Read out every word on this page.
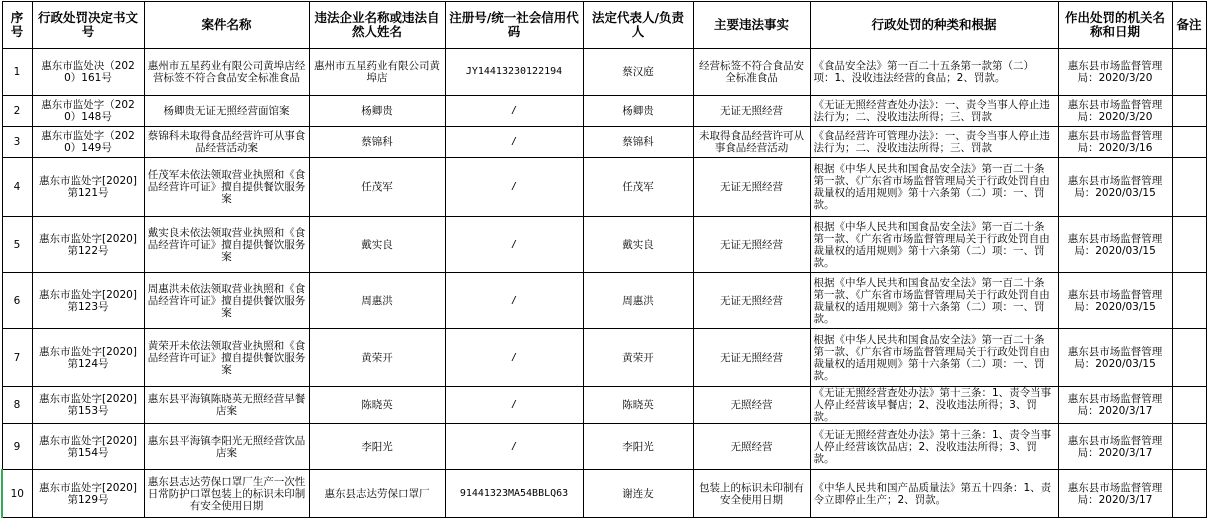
序号	行政处罚决定书文号	案件名称	违法企业名称或违法自然人姓名	注册号/统一社会信用代码	法定代表人/负责人	主要违法事实	行政处罚的种类和根据	作出处罚的机关名称和日期	备注
1	惠东市监处决（2020）161号	惠州市五星药业有限公司黄埠店经营标签不符合食品安全标准食品	惠州市五星药业有限公司黄埠店	JY14413230122194	蔡汉庭	经营标签不符合食品安全标准食品	《食品安全法》第一百二十五条第一款第（二）项：1、没收违法经营的食品；2、罚款。	惠东县市场监督管理局：2020/3/20	
2	惠东市监处字（2020）148号	杨卿贵无证无照经营面馆案	杨卿贵	/	杨卿贵	无证无照经营	《无证无照经营查处办法》：一、责令当事人停止违法行为；二、没收违法所得；三、罚款	惠东县市场监督管理局：2020/3/20	
3	惠东市监处字（2020）149号	蔡锦科未取得食品经营许可从事食品经营活动案	蔡锦科	/	蔡锦科	未取得食品经营许可从事食品经营活动	《食品经营许可管理办法》：一、责令当事人停止违法行为；二、没收违法所得；三、罚款	惠东县市场监督管理局：2020/3/16	
4	惠东市监处字[2020]第121号	任茂军未依法领取营业执照和《食品经营许可证》擅自提供餐饮服务案	任茂军	/	任茂军	无证无照经营	根据《中华人民共和国食品安全法》第一百二十条第一款、《广东省市场监督管理局关于行政处罚自由裁量权的适用规则》第十六条第（二）项：一、罚款。	惠东县市场监督管理局：2020/03/15	
5	惠东市监处字[2020]第122号	戴实良未依法领取营业执照和《食品经营许可证》擅自提供餐饮服务案	戴实良	/	戴实良	无证无照经营	根据《中华人民共和国食品安全法》第一百二十条第一款、《广东省市场监督管理局关于行政处罚自由裁量权的适用规则》第十六条第（二）项：一、罚款。	惠东县市场监督管理局：2020/03/15	
6	惠东市监处字[2020]第123号	周惠洪未依法领取营业执照和《食品经营许可证》擅自提供餐饮服务案	周惠洪	/	周惠洪	无证无照经营	根据《中华人民共和国食品安全法》第一百二十条第一款、《广东省市场监督管理局关于行政处罚自由裁量权的适用规则》第十六条第（二）项：一、罚款。	惠东县市场监督管理局：2020/03/15	
7	惠东市监处字[2020]第124号	黄荣开未依法领取营业执照和《食品经营许可证》擅自提供餐饮服务案	黄荣开	/	黄荣开	无证无照经营	根据《中华人民共和国食品安全法》第一百二十条第一款、《广东省市场监督管理局关于行政处罚自由裁量权的适用规则》第十六条第（二）项：一、罚款。	惠东县市场监督管理局：2020/03/15	
8	惠东市监处字[2020]第153号	惠东县平海镇陈晓英无照经营早餐店案	陈晓英	/	陈晓英	无照经营	《无证无照经营查处办法》第十三条：1、责令当事人停止经营该早餐店；2、没收违法所得；3、罚款。	惠东县市场监督管理局：2020/3/17	
9	惠东市监处字[2020]第154号	惠东县平海镇李阳光无照经营饮品店案	李阳光	/	李阳光	无照经营	《无证无照经营查处办法》第十三条：1、责令当事人停止经营该饮品店；2、没收违法所得；3、罚款。	惠东县市场监督管理局：2020/3/17	
10	惠东市监处字[2020]第129号	惠东县志达劳保口罩厂生产一次性日常防护口罩包装上的标识未印制有安全使用日期	惠东县志达劳保口罩厂	91441323MA54BBLQ63	谢连友	包装上的标识未印制有安全使用日期	《中华人民共和国产品质量法》第五十四条：1、责令立即停止生产；2、罚款。	惠东县市场监督管理局：2020/3/17	
